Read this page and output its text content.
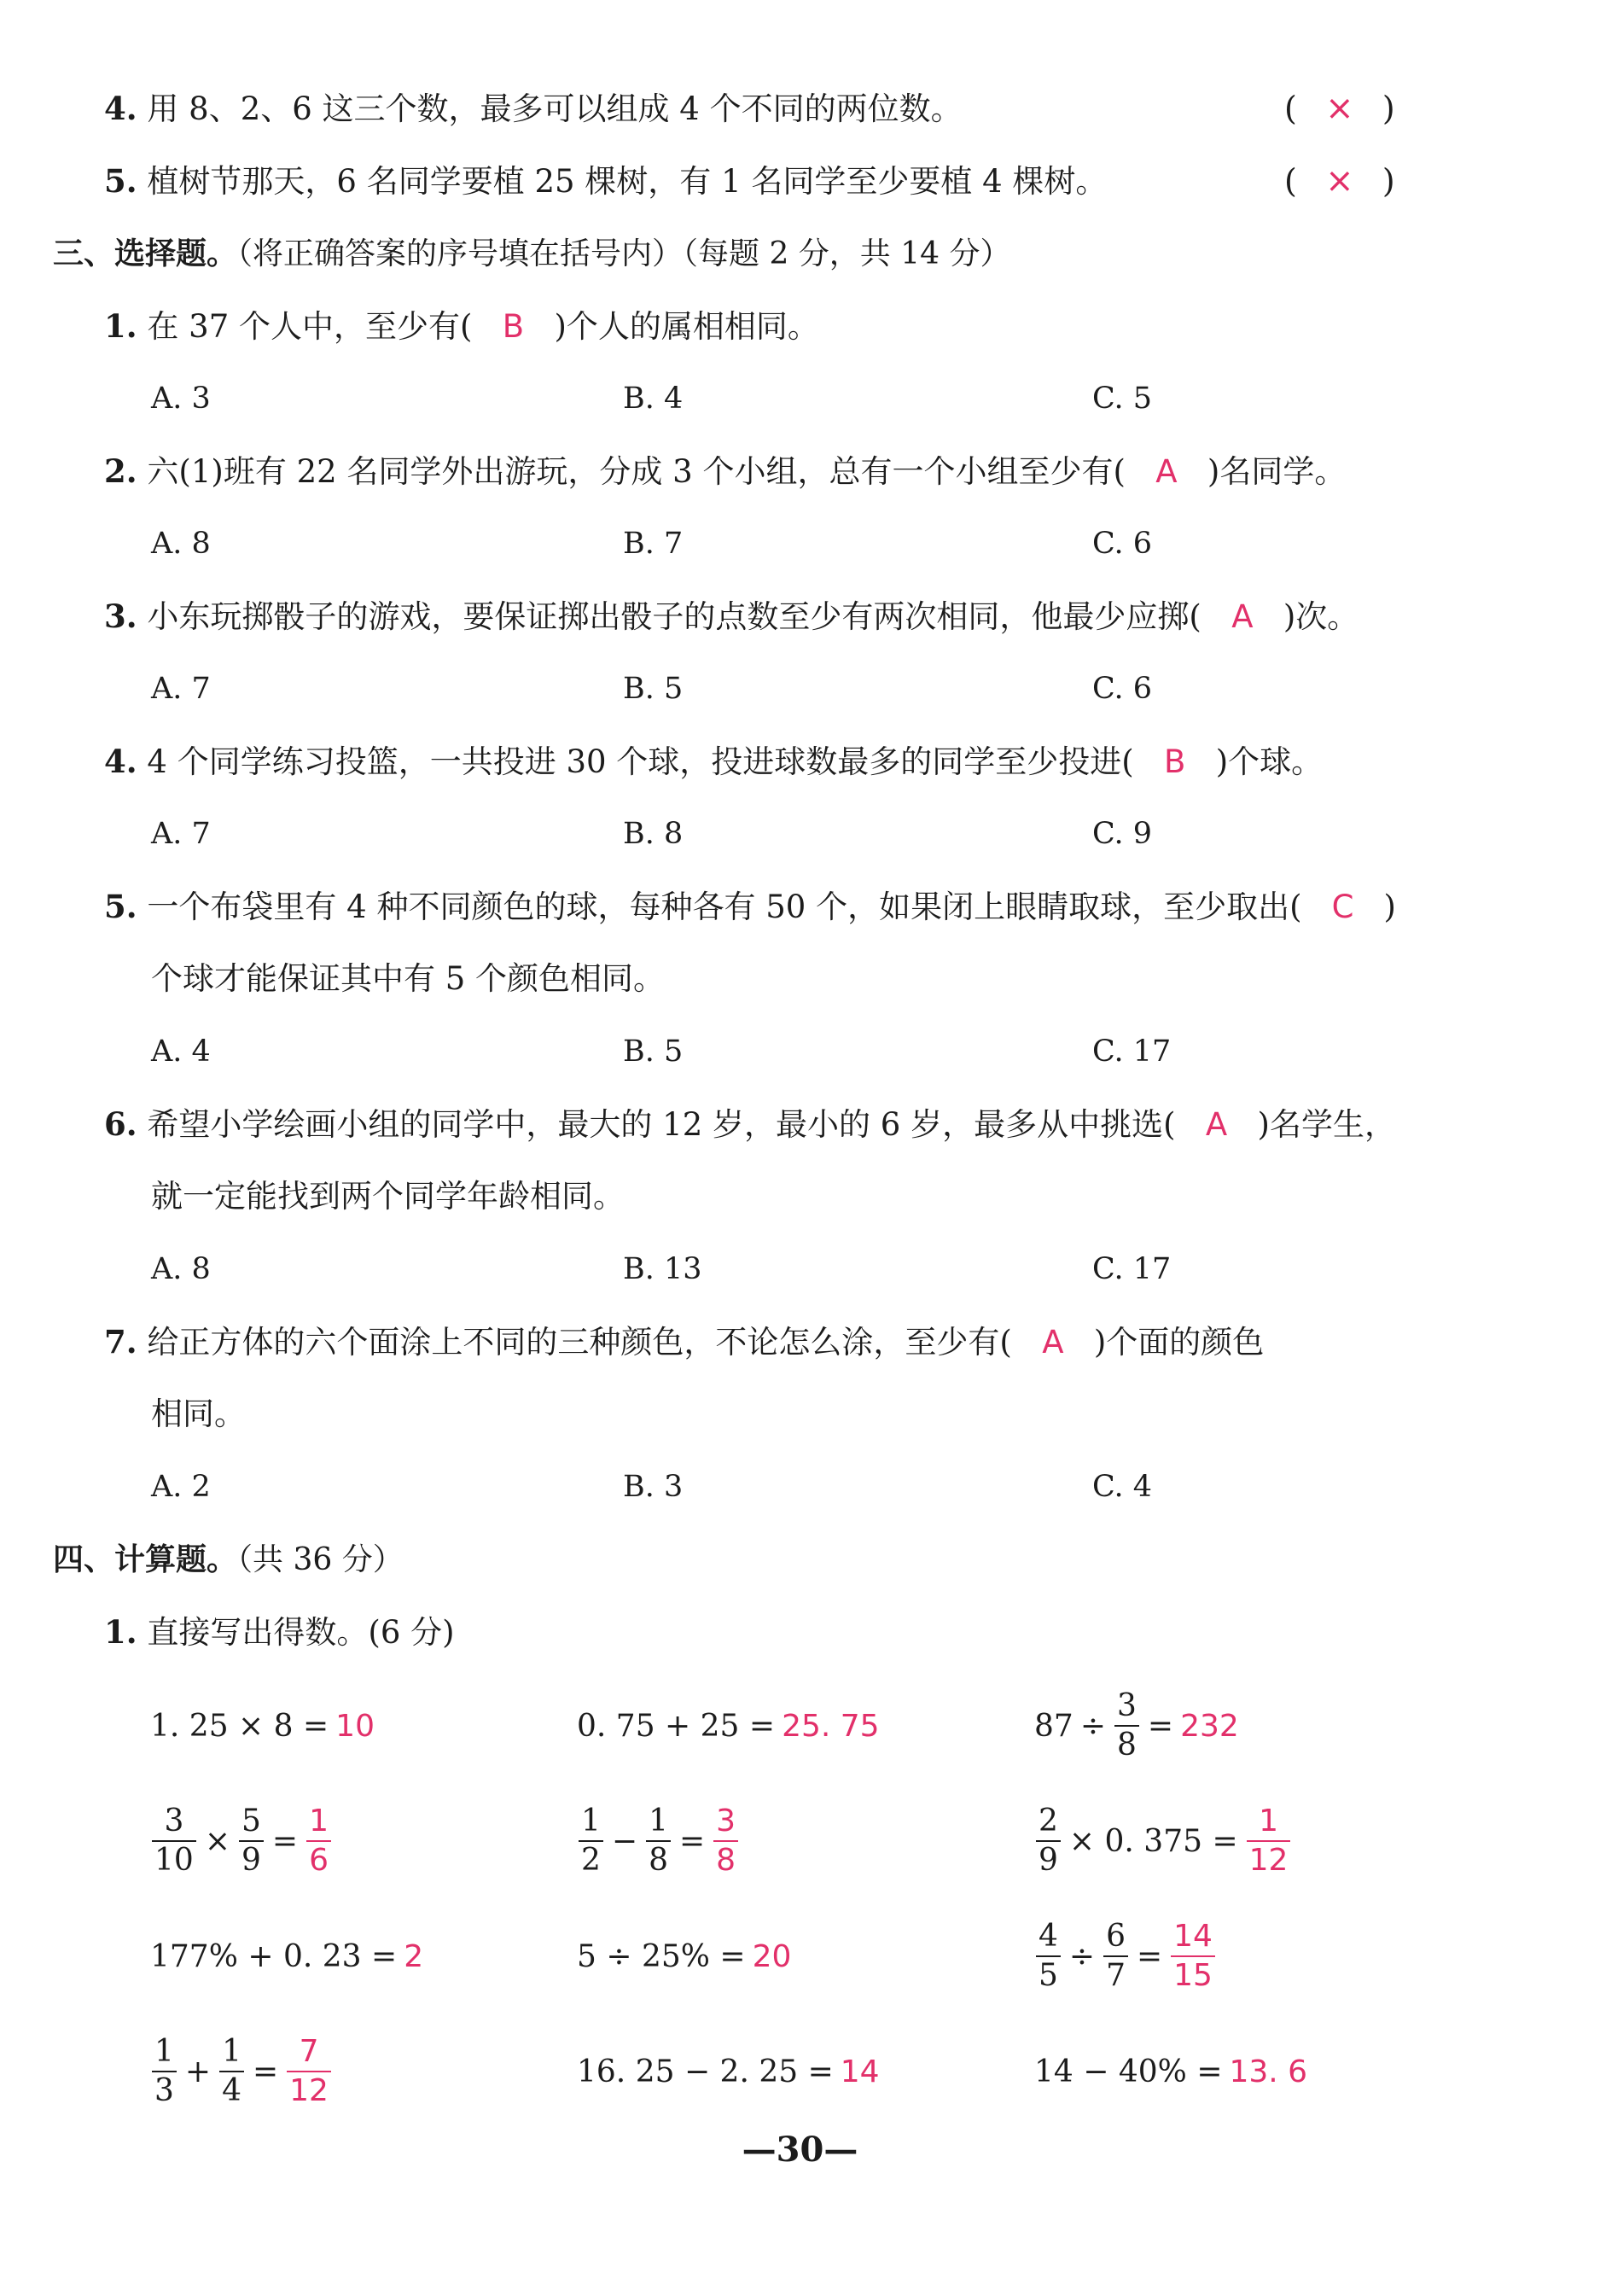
4. 用 8、2、6 这三个数，最多可以组成 4 个不同的两位数。	( × )
5. 植树节那天，6 名同学要植 25 棵树，有 1 名同学至少要植 4 棵树。	( × )
三、选择题。（将正确答案的序号填在括号内）（每题 2 分，共 14 分）
1. 在 37 个人中，至少有( B )个人的属相相同。
A. 3	B. 4	C. 5
2. 六(1)班有 22 名同学外出游玩，分成 3 个小组，总有一个小组至少有( A )名同学。
A. 8	B. 7	C. 6
3. 小东玩掷骰子的游戏，要保证掷出骰子的点数至少有两次相同，他最少应掷( A )次。
A. 7	B. 5	C. 6
4. 4 个同学练习投篮，一共投进 30 个球，投进球数最多的同学至少投进( B )个球。
A. 7	B. 8	C. 9
5. 一个布袋里有 4 种不同颜色的球，每种各有 50 个，如果闭上眼睛取球，至少取出( C )
个球才能保证其中有 5 个颜色相同。
A. 4	B. 5	C. 17
6. 希望小学绘画小组的同学中，最大的 12 岁，最小的 6 岁，最多从中挑选( A )名学生，
就一定能找到两个同学年龄相同。
A. 8	B. 13	C. 17
7. 给正方体的六个面涂上不同的三种颜色，不论怎么涂，至少有( A )个面的颜色
相同。
A. 2	B. 3	C. 4
四、计算题。（共 36 分）
1. 直接写出得数。(6 分)
1. 25 × 8 = 10	0. 75 + 25 = 25. 75	$87 \div \frac{3}{8} = 232$
$\frac{3}{10} \times \frac{5}{9} = \frac{1}{6}$	$\frac{1}{2} - \frac{1}{8} = \frac{3}{8}$	$\frac{2}{9} \times 0$. $375 = \frac{1}{12}$
177% + 0. 23 = 2	5 ÷ 25% = 20	$\frac{4}{5} \div \frac{6}{7} = \frac{14}{15}$
$\frac{1}{3} + \frac{1}{4} = \frac{7}{12}$	16. 25 − 2. 25 = 14	14 − 40% = 13. 6
—30—
